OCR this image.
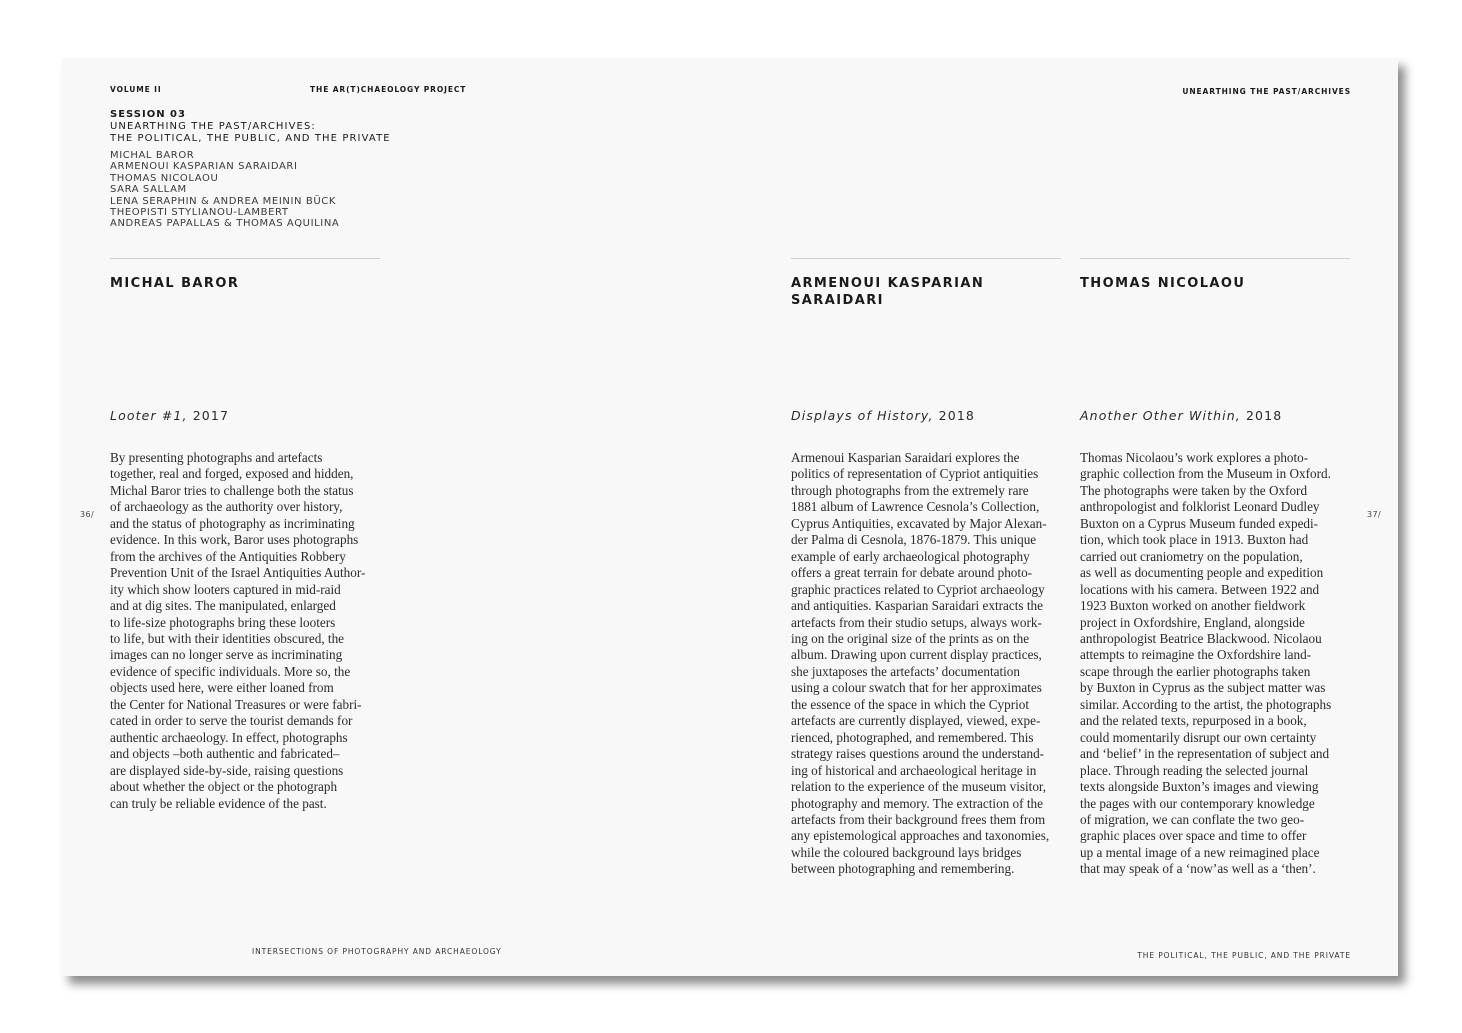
VOLUME II	THE AR(T)CHAEOLOGY PROJECT	UNEARTHING THE PAST/ARCHIVES
SESSION 03
UNEARTHING THE PAST/ARCHIVES:
THE POLITICAL, THE PUBLIC, AND THE PRIVATE
MICHAL BAROR
ARMENOUI KASPARIAN SARAIDARI
THOMAS NICOLAOU
SARA SALLAM
LENA SERAPHIN & ANDREA MEININ BÜCK
THEOPISTI STYLIANOU-LAMBERT
ANDREAS PAPALLAS & THOMAS AQUILINA
MICHAL BAROR
Looter #1, 2017
By presenting photographs and artefacts
together, real and forged, exposed and hidden,
Michal Baror tries to challenge both the status
of archaeology as the authority over history,
and the status of photography as incriminating
evidence. In this work, Baror uses photographs
from the archives of the Antiquities Robbery
Prevention Unit of the Israel Antiquities Author-
ity which show looters captured in mid-raid
and at dig sites. The manipulated, enlarged
to life-size photographs bring these looters
to life, but with their identities obscured, the
images can no longer serve as incriminating
evidence of specific individuals. More so, the
objects used here, were either loaned from
the Center for National Treasures or were fabri-
cated in order to serve the tourist demands for
authentic archaeology. In effect, photographs
and objects –both authentic and fabricated–
are displayed side-by-side, raising questions
about whether the object or the photograph
can truly be reliable evidence of the past.
ARMENOUI KASPARIAN
SARAIDARI
Displays of History, 2018
Armenoui Kasparian Saraidari explores the
politics of representation of Cypriot antiquities
through photographs from the extremely rare
1881 album of Lawrence Cesnola’s Collection,
Cyprus Antiquities, excavated by Major Alexan-
der Palma di Cesnola, 1876-1879. This unique
example of early archaeological photography
offers a great terrain for debate around photo-
graphic practices related to Cypriot archaeology
and antiquities. Kasparian Saraidari extracts the
artefacts from their studio setups, always work-
ing on the original size of the prints as on the
album. Drawing upon current display practices,
she juxtaposes the artefacts’ documentation
using a colour swatch that for her approximates
the essence of the space in which the Cypriot
artefacts are currently displayed, viewed, expe-
rienced, photographed, and remembered. This
strategy raises questions around the understand-
ing of historical and archaeological heritage in
relation to the experience of the museum visitor,
photography and memory. The extraction of the
artefacts from their background frees them from
any epistemological approaches and taxonomies,
while the coloured background lays bridges
between photographing and remembering.
THOMAS NICOLAOU
Another Other Within, 2018
Thomas Nicolaou’s work explores a photo-
graphic collection from the Museum in Oxford.
The photographs were taken by the Oxford
anthropologist and folklorist Leonard Dudley
Buxton on a Cyprus Museum funded expedi-
tion, which took place in 1913. Buxton had
carried out craniometry on the population,
as well as documenting people and expedition
locations with his camera. Between 1922 and
1923 Buxton worked on another fieldwork
project in Oxfordshire, England, alongside
anthropologist Beatrice Blackwood. Nicolaou
attempts to reimagine the Oxfordshire land-
scape through the earlier photographs taken
by Buxton in Cyprus as the subject matter was
similar. According to the artist, the photographs
and the related texts, repurposed in a book,
could momentarily disrupt our own certainty
and ‘belief’ in the representation of subject and
place. Through reading the selected journal
texts alongside Buxton’s images and viewing
the pages with our contemporary knowledge
of migration, we can conflate the two geo-
graphic places over space and time to offer
up a mental image of a new reimagined place
that may speak of a ‘now’as well as a ‘then’.
36/	37/
INTERSECTIONS OF PHOTOGRAPHY AND ARCHAEOLOGY	THE POLITICAL, THE PUBLIC, AND THE PRIVATE
